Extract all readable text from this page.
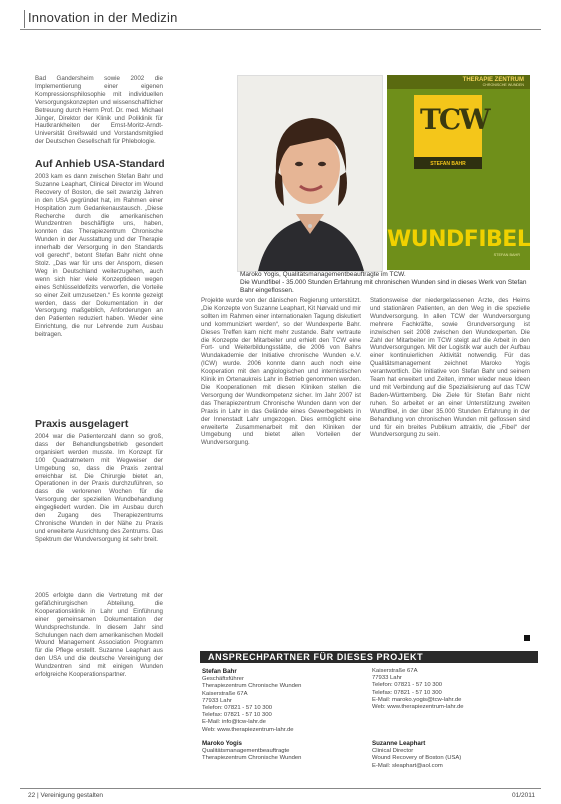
Innovation in der Medizin

Bad Gandersheim sowie 2002 die Implementierung einer eigenen Kompressionsphilosophie mit individuellen Versorgungskonzepten und wissenschaftlicher Betreuung durch Herrn Prof. Dr. med. Michael Jünger, Direktor der Klinik und Poliklinik für Hautkrankheiten der Ernst-Moritz-Arndt-Universität Greifswald und Vorstandsmitglied der Deutschen Gesellschaft für Phlebologie.

Auf Anhieb USA-Standard

2003 kam es dann zwischen Stefan Bahr und Suzanne Leaphart, Clinical Director im Wound Recovery of Boston, die seit zwanzig Jahren in den USA gegründet hat, im Rahmen einer Hospitation zum Gedankenaustausch. „Diese Recherche durch die amerikanischen Wundzentren beschäftigte uns, haben, konnten das Therapiezentrum Chronische Wunden in der Ausstattung und der Therapie innerhalb der Versorgung in den Standards voll gerecht“, betont Stefan Bahr nicht ohne Stolz. „Das war für uns der Ansporn, diesen Weg in Deutschland weiterzugehen, auch wenn sich hier viele Konzeptideen wegen eines Schlüsseldefizits verworfen, die Vorteile so einer Zeit umzusetzen.“ Es konnte gezeigt werden, dass der Dokumentation in der Versorgung maßgeblich, Anforderungen an den Patienten reduziert haben. Wieder eine Einrichtung, die nur Lehrende zum Ausbau beitragen.

Praxis ausgelagert

2004 war die Patientenzahl dann so groß, dass der Behandlungsbetrieb gesondert organisiert werden musste. Im Konzept für 100 Quadratmetern mit Wegweiser der Umgebung so, dass die Praxis zentral erreichbar ist. Die Chirurgie bietet an, Operationen in der Praxis durchzuführen, so dass die verlorenen Wochen für die Versorgung der speziellen Wundbehandlung eingegliedert wurden. Die im Ausbau durch den Zugang des Therapiezentrums Chronische Wunden in der Nähe zu Praxis und erweiterte Ausrichtung des Zentrums. Das Spektrum der Wundversorgung ist sehr breit.

2005 erfolgte dann die Vertretung mit der gefäßchirurgischen Abteilung, die Kooperationsklinik in Lahr und Einführung einer gemeinsamen Dokumentation der Wundsprechstunde. In diesem Jahr sind Schulungen nach dem amerikanischen Modell Wound Management Association Programm für die Pflege erstellt. Suzanne Leaphart aus den USA und die deutsche Vereinigung der Wundzentren sind mit einigen Wunden erfolgreiche Kooperationspartner.

THERAPIE ZENTRUM
CHRONISCHE WUNDEN
TCW
STEFAN BAHR
WUNDFIBEL
STEFAN BAHR
Maroko Yogis, Qualitätsmanagementbeauftragte im TCW.
Die Wundfibel - 35.000 Stunden Erfahrung mit chronischen Wunden sind in dieses Werk von Stefan Bahr eingeflossen.

Projekte wurde von der dänischen Regierung unterstützt. „Die Konzepte von Suzanne Leaphart, Kit Nørvald und mir sollten im Rahmen einer internationalen Tagung diskutiert und kommuniziert werden“, so der Wundexperte Bahr. Dieses Treffen kam nicht mehr zustande. Bahr vertraute die Konzepte der Mitarbeiter und erhielt den TCW eine Fort- und Weiterbildungsstätte, die 2006 von Bahrs Wundakademie der Initiative chronische Wunden e.V. (ICW) wurde. 2006 konnte dann auch noch eine Kooperation mit den angiologischen und internistischen Klinik im Ortenaukreis Lahr in Betrieb genommen werden. Die Kooperationen mit diesen Kliniken stellen die Versorgung der Wundkompetenz sicher. Im Jahr 2007 ist das Therapiezentrum Chronische Wunden dann von der Praxis in Lahr in das Gelände eines Gewerbegebiets in der Innenstadt Lahr umgezogen. Dies ermöglicht eine erweiterte Zusammenarbeit mit den Kliniken der Umgebung und bietet allen Vorteilen der Wundversorgung.

Stationsweise der niedergelassenen Ärzte, des Heims und stationären Patienten, an den Weg in die spezielle Wundversorgung. In allen TCW der Wundversorgung mehrere Fachkräfte, sowie Grundversorgung ist inzwischen seit 2008 zwischen den Wundexperten. Die Zahl der Mitarbeiter im TCW steigt auf die Arbeit in den Wundversorgungen. Mit der Logistik war auch der Aufbau einer kontinuierlichen Aktivität notwendig. Für das Qualitätsmanagement zeichnet Maroko Yogis verantwortlich. Die Initiative von Stefan Bahr und seinem Team hat erweitert und Zeiten, immer wieder neue Ideen und mit Verbindung auf die Spezialisierung auf das TCW Baden-Württemberg. Die Ziele für Stefan Bahr nicht ruhen. So arbeitet er an einer Unterstützung zweiten Wundfibel, in der über 35.000 Stunden Erfahrung in der Behandlung von chronischen Wunden mit geflossen sind und für ein breites Publikum attraktiv, die „Fibel“ der Wundversorgung zu sein.

ANSPRECHPARTNER FÜR DIESES PROJEKT
Stefan Bahr
Geschäftsführer
Therapiezentrum Chronische Wunden
Kaiserstraße 67A
77933 Lahr
Telefon: 07821 - 57 10 300
Telefax: 07821 - 57 10 300
E-Mail: info@tcw-lahr.de
Web: www.therapiezentrum-lahr.de
Maroko Yogis
Qualitätsmanagementbeauftragte
Therapiezentrum Chronische Wunden
Kaiserstraße 67A
77933 Lahr
Telefon: 07821 - 57 10 300
Telefax: 07821 - 57 10 300
E-Mail: maroko.yogis@tcw-lahr.de
Web: www.therapiezentrum-lahr.de
Suzanne Leaphart
Clinical Director
Wound Recovery of Boston (USA)
E-Mail: sleaphart@aol.com
22 | Vereinigung gestalten	01/2011
